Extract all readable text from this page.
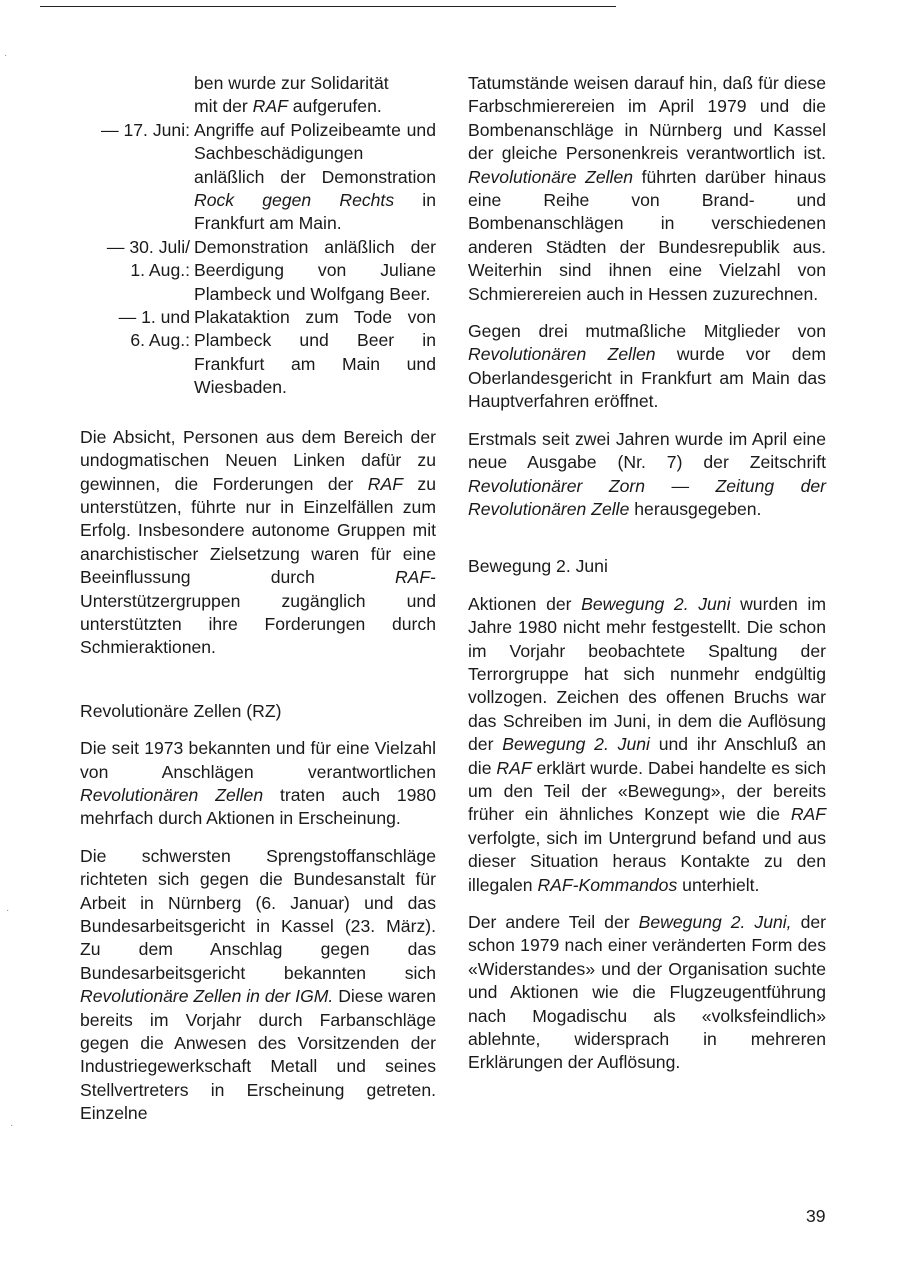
ben wurde zur Solidarität
mit der RAF aufgerufen.
— 17. Juni: Angriffe auf Polizeibeamte und Sachbeschädigungen anläßlich der Demonstration Rock gegen Rechts in Frankfurt am Main.
— 30. Juli/
1. Aug.:
Demonstration anläßlich der Beerdigung von Juliane Plambeck und Wolfgang Beer.
— 1. und
6. Aug.:
Plakataktion zum Tode von Plambeck und Beer in Frankfurt am Main und Wiesbaden.

Die Absicht, Personen aus dem Bereich der undogmatischen Neuen Linken dafür zu gewinnen, die Forderungen der RAF zu unterstützen, führte nur in Einzelfällen zum Erfolg. Insbesondere autonome Gruppen mit anarchistischer Zielsetzung waren für eine Beeinflussung durch RAF-Unterstützergruppen zugänglich und unterstützten ihre Forderungen durch Schmieraktionen.

Revolutionäre Zellen (RZ)

Die seit 1973 bekannten und für eine Vielzahl von Anschlägen verantwortlichen Revolutionären Zellen traten auch 1980 mehrfach durch Aktionen in Erscheinung.

Die schwersten Sprengstoffanschläge richteten sich gegen die Bundesanstalt für Arbeit in Nürnberg (6. Januar) und das Bundesarbeitsgericht in Kassel (23. März). Zu dem Anschlag gegen das Bundesarbeitsgericht bekannten sich Revolutionäre Zellen in der IGM. Diese waren bereits im Vorjahr durch Farbanschläge gegen die Anwesen des Vorsitzenden der Industriegewerkschaft Metall und seines Stellvertreters in Erscheinung getreten. Einzelne

Tatumstände weisen darauf hin, daß für diese Farbschmierereien im April 1979 und die Bombenanschläge in Nürnberg und Kassel der gleiche Personenkreis verantwortlich ist. Revolutionäre Zellen führten darüber hinaus eine Reihe von Brand- und Bombenanschlägen in verschiedenen anderen Städten der Bundesrepublik aus. Weiterhin sind ihnen eine Vielzahl von Schmierereien auch in Hessen zuzurechnen.

Gegen drei mutmaßliche Mitglieder von Revolutionären Zellen wurde vor dem Oberlandesgericht in Frankfurt am Main das Hauptverfahren eröffnet.

Erstmals seit zwei Jahren wurde im April eine neue Ausgabe (Nr. 7) der Zeitschrift Revolutionärer Zorn — Zeitung der Revolutionären Zelle herausgegeben.

Bewegung 2. Juni

Aktionen der Bewegung 2. Juni wurden im Jahre 1980 nicht mehr festgestellt. Die schon im Vorjahr beobachtete Spaltung der Terrorgruppe hat sich nunmehr endgültig vollzogen. Zeichen des offenen Bruchs war das Schreiben im Juni, in dem die Auflösung der Bewegung 2. Juni und ihr Anschluß an die RAF erklärt wurde. Dabei handelte es sich um den Teil der «Bewegung», der bereits früher ein ähnliches Konzept wie die RAF verfolgte, sich im Untergrund befand und aus dieser Situation heraus Kontakte zu den illegalen RAF-Kommandos unterhielt.

Der andere Teil der Bewegung 2. Juni, der schon 1979 nach einer veränderten Form des «Widerstandes» und der Organisation suchte und Aktionen wie die Flugzeugentführung nach Mogadischu als «volksfeindlich» ablehnte, widersprach in mehreren Erklärungen der Auflösung.

39
·
·
·
